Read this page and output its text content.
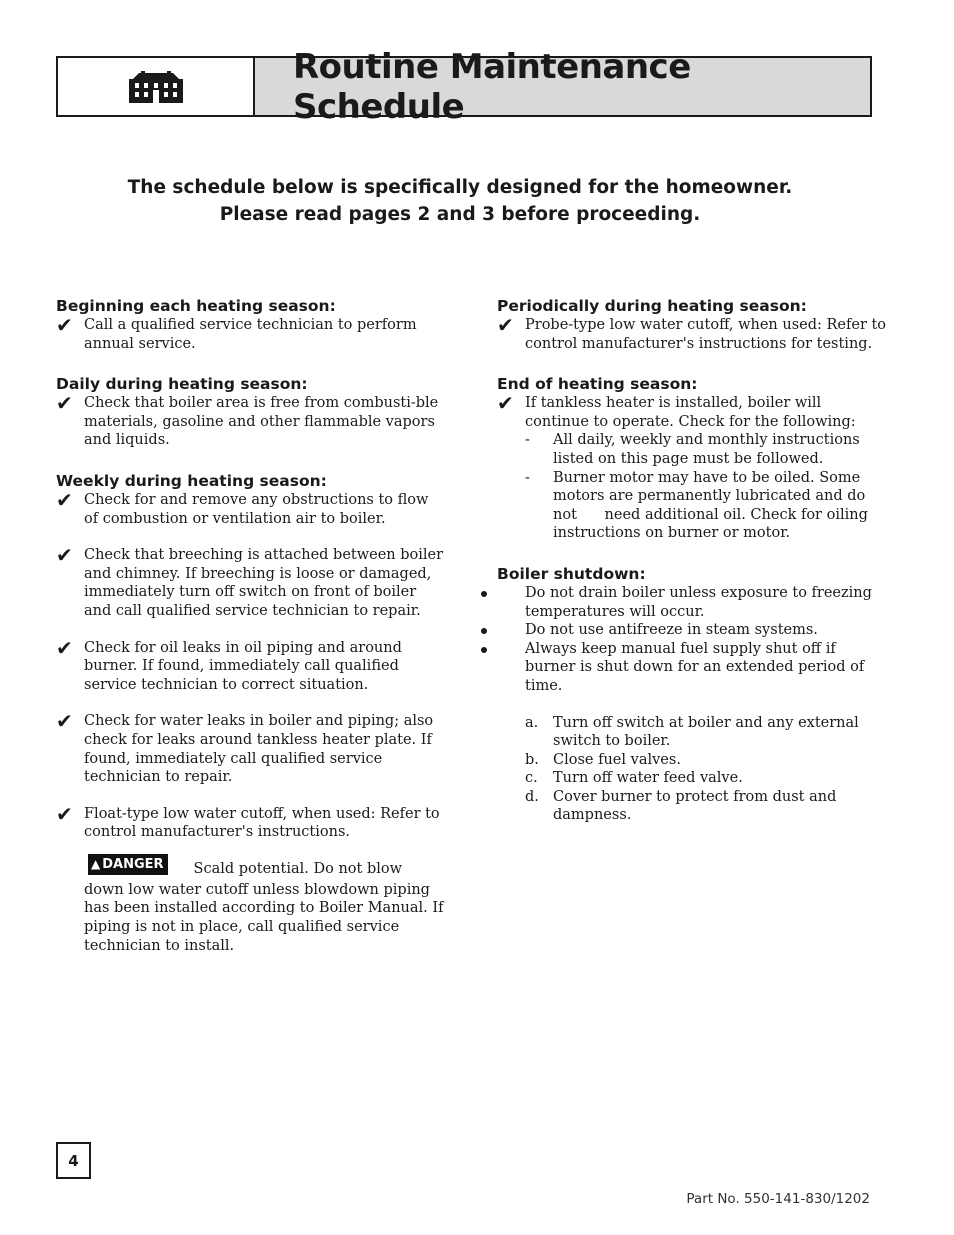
Routine Maintenance Schedule
The schedule below is specifically designed for the homeowner.
Please read pages 2 and 3 before proceeding.
Beginning each heating season:
✔ Call a qualified service technician to perform annual service.
Daily during heating season:
✔ Check that boiler area is free from combusti-ble materials, gasoline and other flammable vapors and liquids.
Weekly during heating season:
✔ Check for and remove any obstructions to flow of combustion or ventilation air to boiler.
✔ Check that breeching is attached between boiler and chimney. If breeching is loose or damaged, immediately turn off switch on front of boiler and call qualified service technician to repair.
✔ Check for oil leaks in oil piping and around burner. If found, immediately call qualified service technician to correct situation.
✔ Check for water leaks in boiler and piping; also check for leaks around tankless heater plate. If found, immediately call qualified service technician to repair.
✔ Float-type low water cutoff, when used: Refer to control manufacturer's instructions.
▲ DANGER Scald potential. Do not blow down low water cutoff unless blowdown piping has been installed according to Boiler Manual. If piping is not in place, call qualified service technician to install.
Periodically during heating season:
✔ Probe-type low water cutoff, when used: Refer to control manufacturer's instructions for testing.
End of heating season:
✔ If tankless heater is installed, boiler will continue to operate. Check for the following:
- All daily, weekly and monthly instructions listed on this page must be followed.
- Burner motor may have to be oiled. Some motors are permanently lubricated and do not      need additional oil. Check for oiling instructions on burner or motor.
Boiler shutdown:
Do not drain boiler unless exposure to freezing temperatures will occur.
Do not use antifreeze in steam systems.
Always keep manual fuel supply shut off if burner is shut down for an extended period of time.
a. Turn off switch at boiler and any external switch to boiler.
b. Close fuel valves.
c. Turn off water feed valve.
d. Cover burner to protect from dust and dampness.
4
Part No. 550-141-830/1202
